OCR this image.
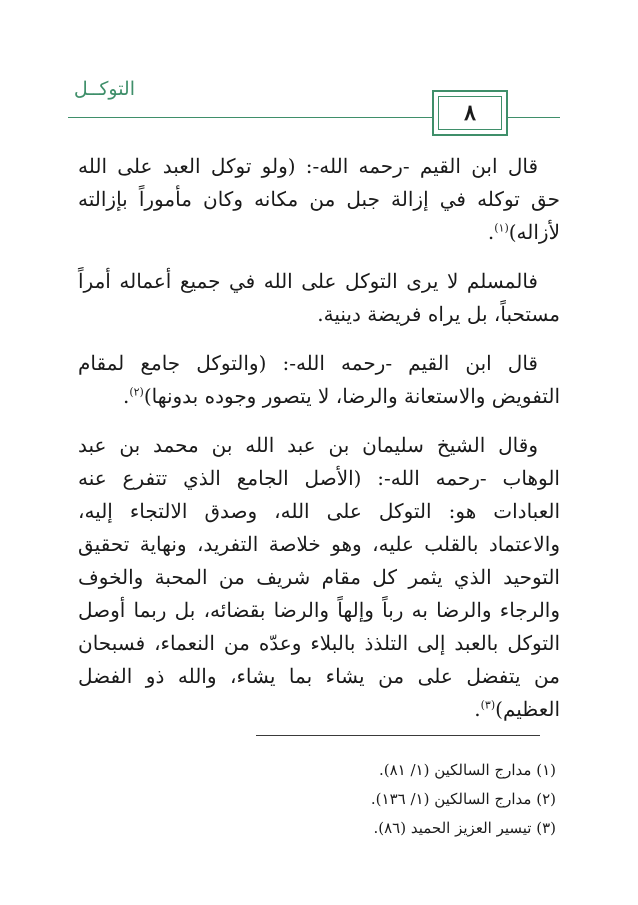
التوكــل
٨

قال ابن القيم -رحمه الله-: (ولو توكل العبد على الله حق توكله في إزالة جبل من مكانه وكان مأموراً بإزالته لأزاله)$^{(١)}$.

فالمسلم لا يرى التوكل على الله في جميع أعماله أمراً مستحباً، بل يراه فريضة دينية.

قال ابن القيم -رحمه الله-: (والتوكل جامع لمقام التفويض والاستعانة والرضا، لا يتصور وجوده بدونها)$^{(٢)}$.

وقال الشيخ سليمان بن عبد الله بن محمد بن عبد الوهاب -رحمه الله-: (الأصل الجامع الذي تتفرع عنه العبادات هو: التوكل على الله، وصدق الالتجاء إليه، والاعتماد بالقلب عليه، وهو خلاصة التفريد، ونهاية تحقيق التوحيد الذي يثمر كل مقام شريف من المحبة والخوف والرجاء والرضا به رباً وإلهاً والرضا بقضائه، بل ربما أوصل التوكل بالعبد إلى التلذذ بالبلاء وعدّه من النعماء، فسبحان من يتفضل على من يشاء بما يشاء، والله ذو الفضل العظيم)$^{(٣)}$.

(١) مدارج السالكين (١/ ٨١).
(٢) مدارج السالكين (١/ ١٣٦).
(٣) تيسير العزيز الحميد (٨٦).
